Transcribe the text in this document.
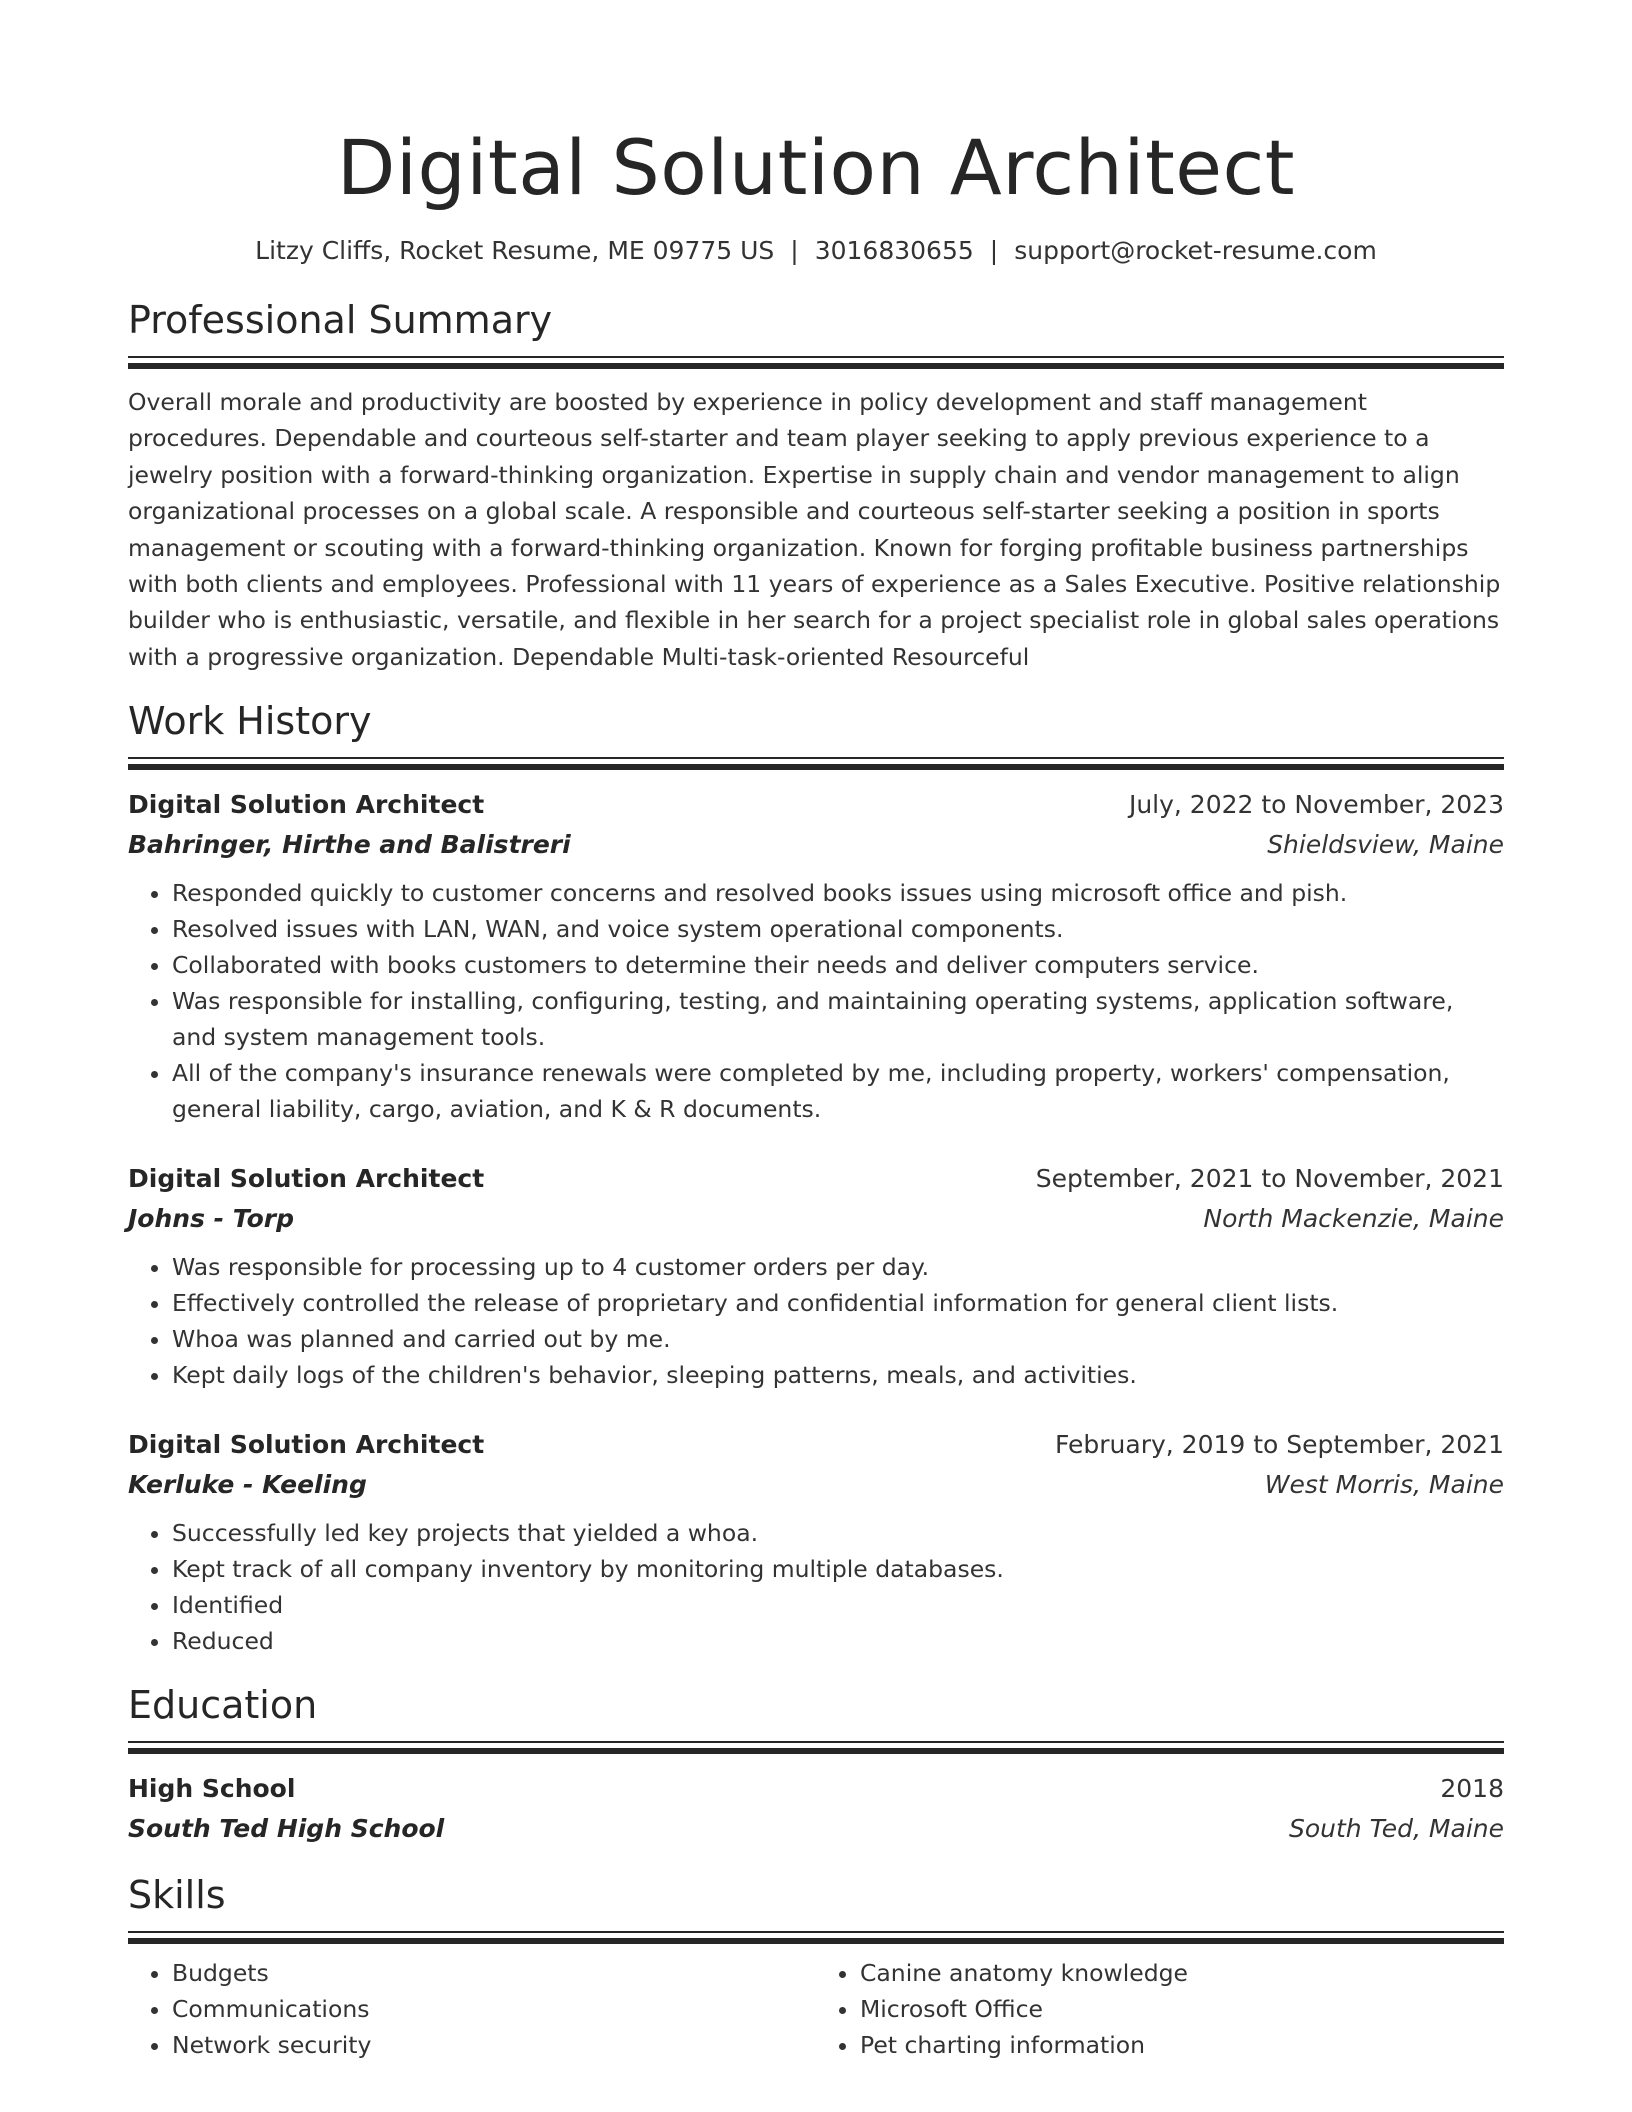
Digital Solution Architect
Litzy Cliffs, Rocket Resume, ME 09775 US | 3016830655 | support@rocket-resume.com
Professional Summary
Overall morale and productivity are boosted by experience in policy development and staff management procedures. Dependable and courteous self-starter and team player seeking to apply previous experience to a jewelry position with a forward-thinking organization. Expertise in supply chain and vendor management to align organizational processes on a global scale. A responsible and courteous self-starter seeking a position in sports management or scouting with a forward-thinking organization. Known for forging profitable business partnerships with both clients and employees. Professional with 11 years of experience as a Sales Executive. Positive relationship builder who is enthusiastic, versatile, and flexible in her search for a project specialist role in global sales operations with a progressive organization. Dependable Multi-task-oriented Resourceful
Work History
Digital Solution Architect	July, 2022 to November, 2023
Bahringer, Hirthe and Balistreri	Shieldsview, Maine
• Responded quickly to customer concerns and resolved books issues using microsoft office and pish.
• Resolved issues with LAN, WAN, and voice system operational components.
• Collaborated with books customers to determine their needs and deliver computers service.
• Was responsible for installing, configuring, testing, and maintaining operating systems, application software, and system management tools.
• All of the company's insurance renewals were completed by me, including property, workers' compensation, general liability, cargo, aviation, and K & R documents.
Digital Solution Architect	September, 2021 to November, 2021
Johns - Torp	North Mackenzie, Maine
• Was responsible for processing up to 4 customer orders per day.
• Effectively controlled the release of proprietary and confidential information for general client lists.
• Whoa was planned and carried out by me.
• Kept daily logs of the children's behavior, sleeping patterns, meals, and activities.
Digital Solution Architect	February, 2019 to September, 2021
Kerluke - Keeling	West Morris, Maine
• Successfully led key projects that yielded a whoa.
• Kept track of all company inventory by monitoring multiple databases.
• Identified
• Reduced
Education
High School	2018
South Ted High School	South Ted, Maine
Skills
• Budgets
• Communications
• Network security
• Canine anatomy knowledge
• Microsoft Office
• Pet charting information
